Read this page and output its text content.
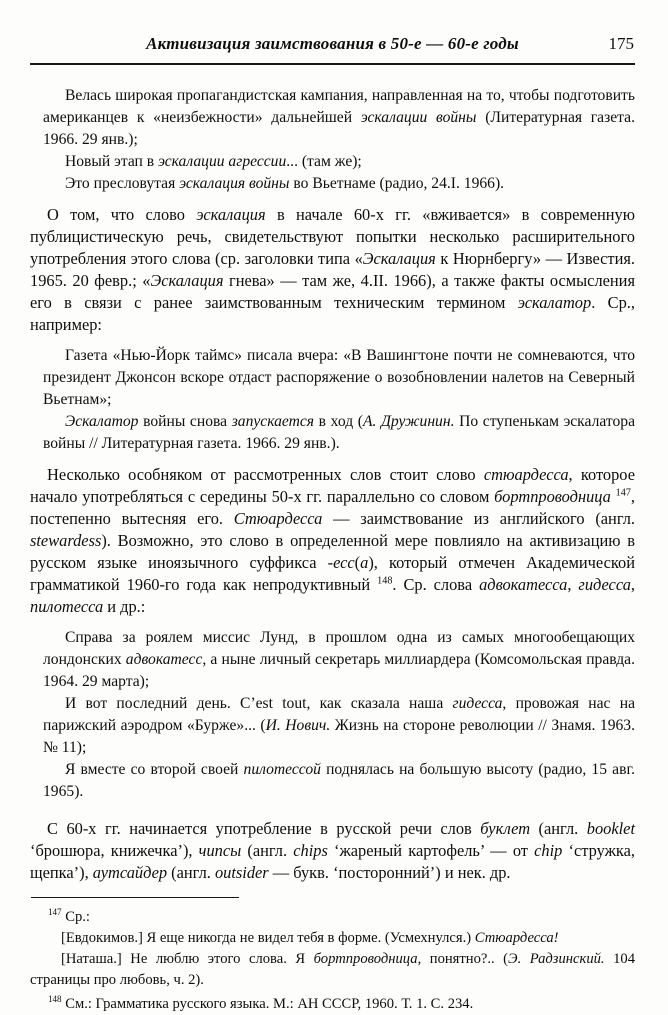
Активизация заимствования в 50-е — 60-е годы	175

Велась широкая пропагандистская кампания, направленная на то, чтобы подготовить американцев к «неизбежности» дальнейшей эскалации войны (Литературная газета. 1966. 29 янв.);

Новый этап в эскалации агрессии... (там же);

Это пресловутая эскалация войны во Вьетнаме (радио, 24.I. 1966).

О том, что слово эскалация в начале 60-х гг. «вживается» в современную публицистическую речь, свидетельствуют попытки несколько расширительного употребления этого слова (ср. заголовки типа «Эскалация к Нюрнбергу» — Известия. 1965. 20 февр.; «Эскалация гнева» — там же, 4.II. 1966), а также факты осмысления его в связи с ранее заимствованным техническим термином эскалатор. Ср., например:

Газета «Нью-Йорк таймс» писала вчера: «В Вашингтоне почти не сомневаются, что президент Джонсон вскоре отдаст распоряжение о возобновлении налетов на Северный Вьетнам»;

Эскалатор войны снова запускается в ход (А. Дружинин. По ступенькам эскалатора войны // Литературная газета. 1966. 29 янв.).

Несколько особняком от рассмотренных слов стоит слово стюардесса, которое начало употребляться с середины 50-х гг. параллельно со словом бортпроводница $^{147}$, постепенно вытесняя его. Стюардесса — заимствование из английского (англ. stewardess). Возможно, это слово в определенной мере повлияло на активизацию в русском языке иноязычного суффикса -есс(а), который отмечен Академической грамматикой 1960-го года как непродуктивный $^{148}$. Ср. слова адвокатесса, гидесса, пилотесса и др.:

Справа за роялем миссис Лунд, в прошлом одна из самых многообещающих лондонских адвокатесс, а ныне личный секретарь миллиардера (Комсомольская правда. 1964. 29 марта);

И вот последний день. C’est tout, как сказала наша гидесса, провожая нас на парижский аэродром «Бурже»... (И. Нович. Жизнь на стороне революции // Знамя. 1963. № 11);

Я вместе со второй своей пилотессой поднялась на большую высоту (радио, 15 авг. 1965).

С 60-х гг. начинается употребление в русской речи слов буклет (англ. booklet ‘брошюра, книжечка’), чипсы (англ. chips ‘жареный картофель’ — от chip ‘стружка, щепка’), аутсайдер (англ. outsider — букв. ‘посторонний’) и нек. др.

$^{147}$ Ср.:

[Евдокимов.] Я еще никогда не видел тебя в форме. (Усмехнулся.) Стюардесса!

[Наташа.] Не люблю этого слова. Я бортпроводница, понятно?.. (Э. Радзинский. 104 страницы про любовь, ч. 2).

$^{148}$ См.: Грамматика русского языка. М.: АН СССР, 1960. Т. 1. С. 234.
